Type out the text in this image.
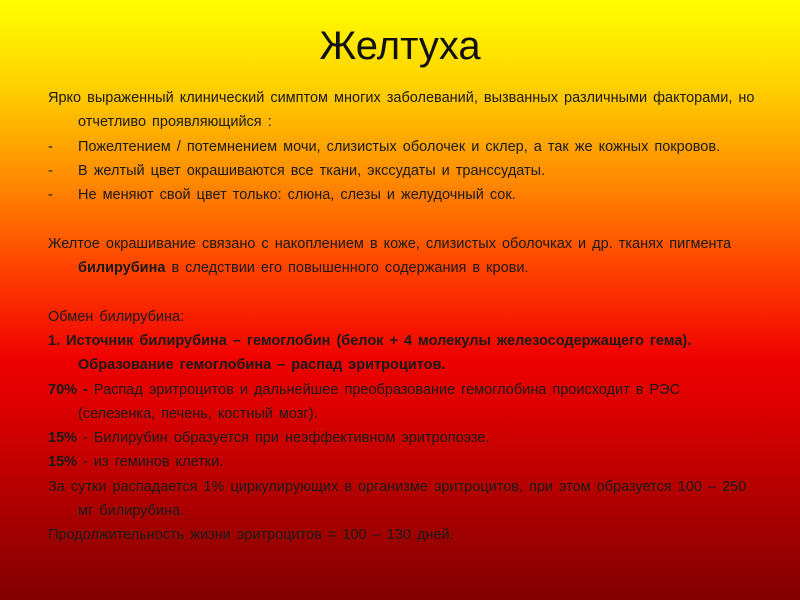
Желтуха

Ярко выраженный клинический симптом многих заболеваний, вызванных различными факторами, но отчетливо проявляющийся :

- Пожелтением / потемнением мочи, слизистых оболочек и склер, а так же кожных покровов.

- В желтый цвет окрашиваются все ткани, экссудаты и транссудаты.

- Не меняют свой цвет только: слюна, слезы и желудочный сок.

Желтое окрашивание связано с накоплением в коже, слизистых оболочках и др. тканях пигмента билирубина в следствии его повышенного содержания в крови.

Обмен билирубина:

1. Источник билирубина – гемоглобин (белок + 4 молекулы железосодержащего гема). Образование гемоглобина – распад эритроцитов.

70% - Распад эритроцитов и дальнейшее преобразование гемоглобина происходит в РЭС (селезенка, печень, костный мозг).

15% - Билирубин образуется при неэффективном эритропоэзе.

15% - из геминов клетки.

За сутки распадается 1% циркулирующих в организме эритроцитов, при этом образуется 100 – 250 мг билирубина.

Продолжительность жизни эритроцитов = 100 – 130 дней.
